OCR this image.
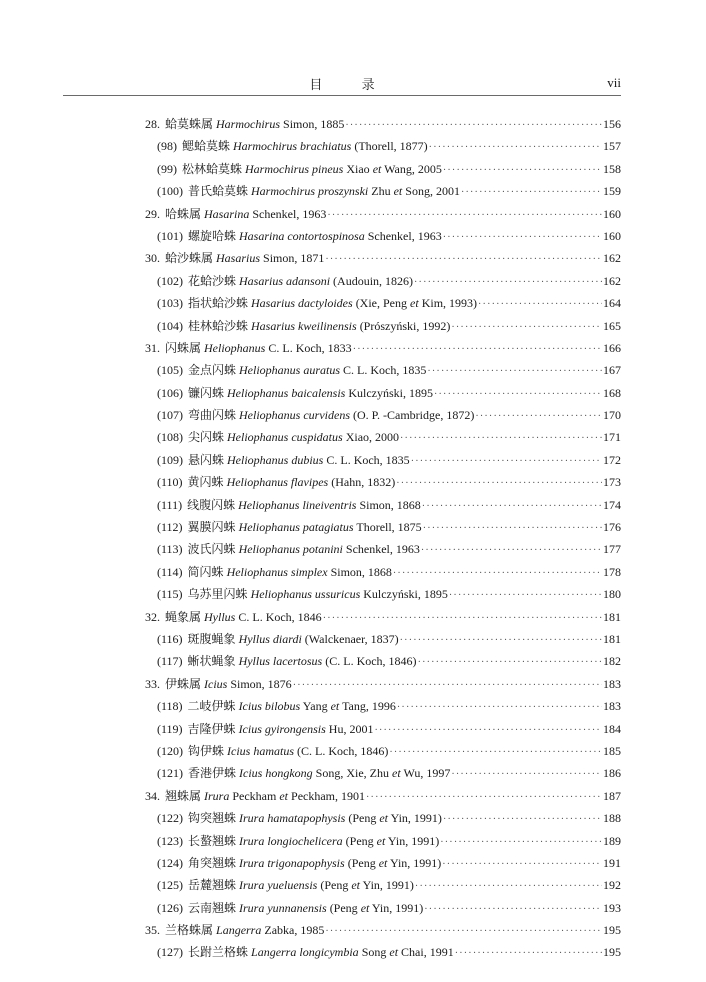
目 录	vii
28. 蛤莫蛛属 Harmochirus Simon, 1885 ·····	156
(98) 鳃蛤莫蛛 Harmochirus brachiatus (Thorell, 1877) ·····	157
(99) 松林蛤莫蛛 Harmochirus pineus Xiao et Wang, 2005 ·····	158
(100) 普氏蛤莫蛛 Harmochirus proszynski Zhu et Song, 2001 ·····	159
29. 哈蛛属 Hasarina Schenkel, 1963 ·····	160
(101) 螺旋哈蛛 Hasarina contortospinosa Schenkel, 1963 ·····	160
30. 蛤沙蛛属 Hasarius Simon, 1871 ·····	162
(102) 花蛤沙蛛 Hasarius adansoni (Audouin, 1826) ·····	162
(103) 指状蛤沙蛛 Hasarius dactyloides (Xie, Peng et Kim, 1993) ·····	164
(104) 桂林蛤沙蛛 Hasarius kweilinensis (Prószyński, 1992) ·····	165
31. 闪蛛属 Heliophanus C. L. Koch, 1833 ·····	166
(105) 金点闪蛛 Heliophanus auratus C. L. Koch, 1835 ·····	167
(106) 镰闪蛛 Heliophanus baicalensis Kulczyński, 1895 ·····	168
(107) 弯曲闪蛛 Heliophanus curvidens (O. P. -Cambridge, 1872) ·····	170
(108) 尖闪蛛 Heliophanus cuspidatus Xiao, 2000 ·····	171
(109) 悬闪蛛 Heliophanus dubius C. L. Koch, 1835 ·····	172
(110) 黄闪蛛 Heliophanus flavipes (Hahn, 1832) ·····	173
(111) 线腹闪蛛 Heliophanus lineiventris Simon, 1868 ·····	174
(112) 翼膜闪蛛 Heliophanus patagiatus Thorell, 1875 ·····	176
(113) 波氏闪蛛 Heliophanus potanini Schenkel, 1963 ·····	177
(114) 简闪蛛 Heliophanus simplex Simon, 1868 ·····	178
(115) 乌苏里闪蛛 Heliophanus ussuricus Kulczyński, 1895 ·····	180
32. 蝇象属 Hyllus C. L. Koch, 1846 ·····	181
(116) 斑腹蝇象 Hyllus diardi (Walckenaer, 1837) ·····	181
(117) 蜥状蝇象 Hyllus lacertosus (C. L. Koch, 1846) ·····	182
33. 伊蛛属 Icius Simon, 1876 ·····	183
(118) 二岐伊蛛 Icius bilobus Yang et Tang, 1996 ·····	183
(119) 吉隆伊蛛 Icius gyirongensis Hu, 2001 ·····	184
(120) 钩伊蛛 Icius hamatus (C. L. Koch, 1846) ·····	185
(121) 香港伊蛛 Icius hongkong Song, Xie, Zhu et Wu, 1997 ·····	186
34. 翘蛛属 Irura Peckham et Peckham, 1901 ·····	187
(122) 钩突翘蛛 Irura hamatapophysis (Peng et Yin, 1991) ·····	188
(123) 长螯翘蛛 Irura longiochelicera (Peng et Yin, 1991) ·····	189
(124) 角突翘蛛 Irura trigonapophysis (Peng et Yin, 1991) ·····	191
(125) 岳麓翘蛛 Irura yueluensis (Peng et Yin, 1991) ·····	192
(126) 云南翘蛛 Irura yunnanensis (Peng et Yin, 1991) ·····	193
35. 兰格蛛属 Langerra Zabka, 1985 ·····	195
(127) 长跗兰格蛛 Langerra longicymbia Song et Chai, 1991 ·····	195
